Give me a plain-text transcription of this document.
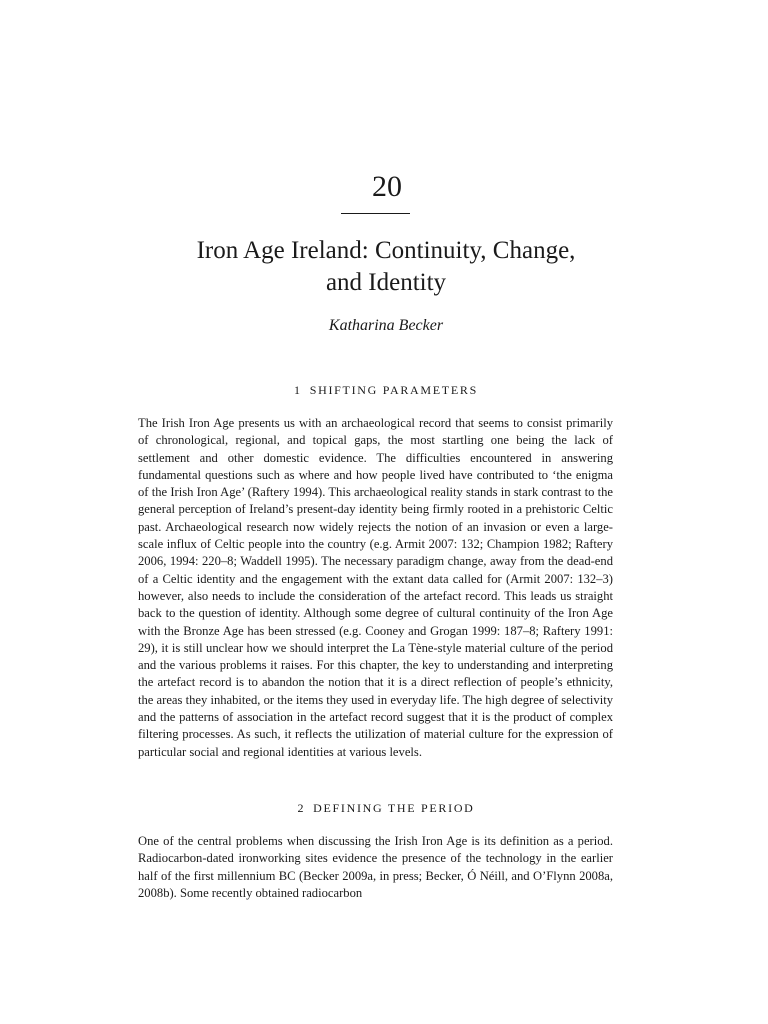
20
Iron Age Ireland: Continuity, Change,
and Identity
Katharina Becker
1 SHIFTING PARAMETERS

The Irish Iron Age presents us with an archaeological record that seems to consist primarily of chronological, regional, and topical gaps, the most startling one being the lack of settlement and other domestic evidence. The difficulties encountered in answering fundamental questions such as where and how people lived have contributed to ‘the enigma of the Irish Iron Age’ (Raftery 1994). This archaeological reality stands in stark contrast to the general perception of Ireland’s present-day identity being firmly rooted in a prehistoric Celtic past. Archaeological research now widely rejects the notion of an invasion or even a large-scale influx of Celtic people into the country (e.g. Armit 2007: 132; Champion 1982; Raftery 2006, 1994: 220–8; Waddell 1995). The necessary paradigm change, away from the dead-end of a Celtic identity and the engagement with the extant data called for (Armit 2007: 132–3) however, also needs to include the consideration of the artefact record. This leads us straight back to the question of identity. Although some degree of cultural continuity of the Iron Age with the Bronze Age has been stressed (e.g. Cooney and Grogan 1999: 187–8; Raftery 1991: 29), it is still unclear how we should interpret the La Tène-style material culture of the period and the various problems it raises. For this chapter, the key to understanding and interpreting the artefact record is to abandon the notion that it is a direct reflection of people’s ethnicity, the areas they inhabited, or the items they used in everyday life. The high degree of selectivity and the patterns of association in the artefact record suggest that it is the product of complex filtering processes. As such, it reflects the utilization of material culture for the expression of particular social and regional identities at various levels.

2 DEFINING THE PERIOD

One of the central problems when discussing the Irish Iron Age is its definition as a period. Radiocarbon-dated ironworking sites evidence the presence of the technology in the earlier half of the first millennium BC (Becker 2009a, in press; Becker, Ó Néill, and O’Flynn 2008a, 2008b). Some recently obtained radiocarbon
